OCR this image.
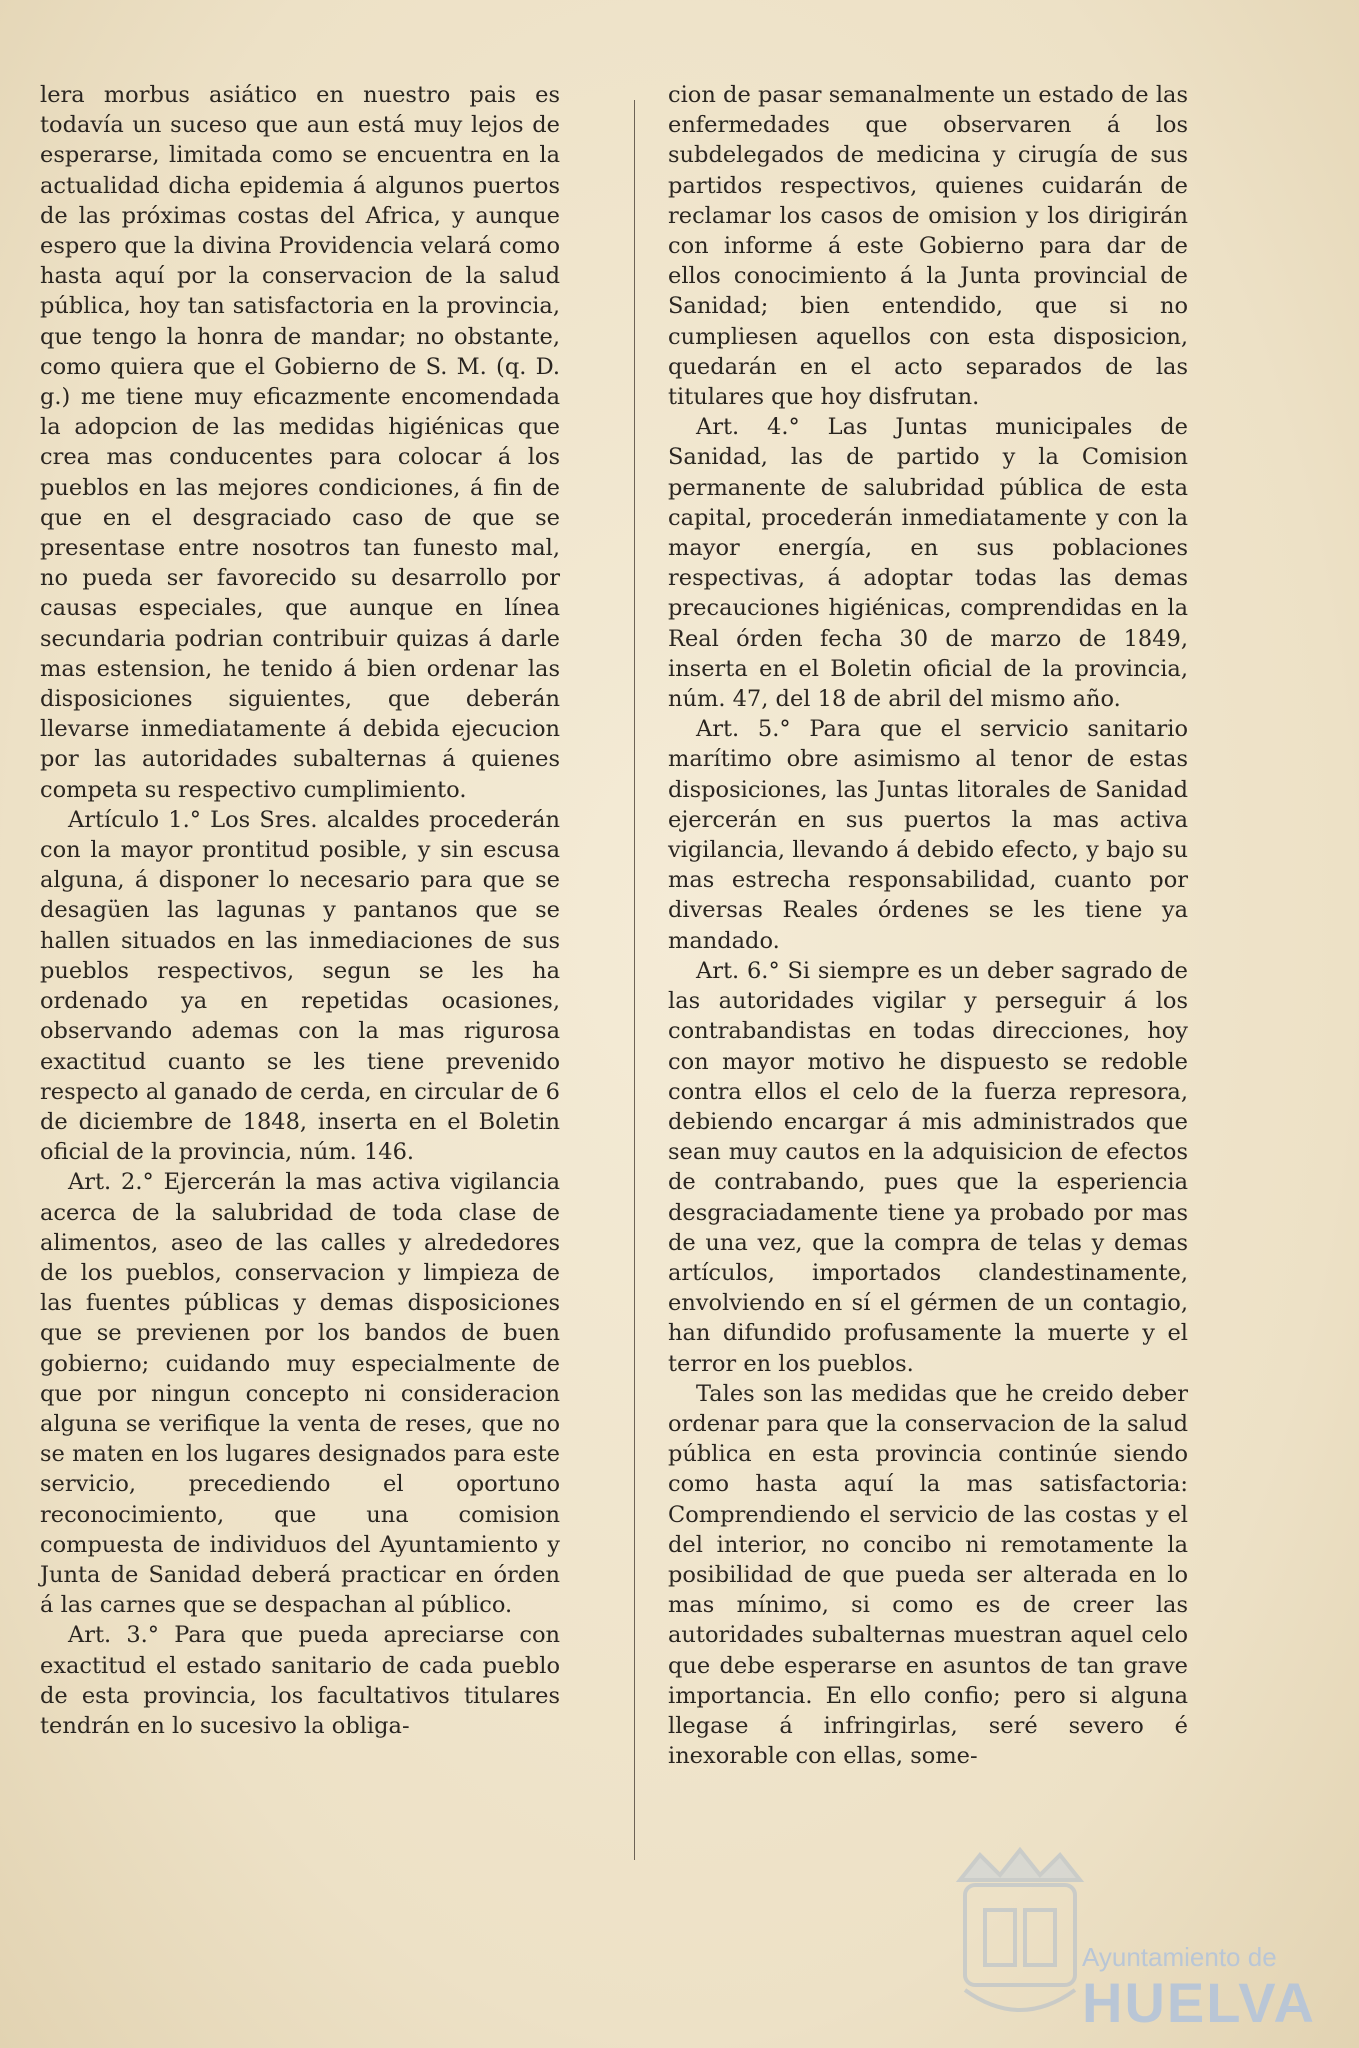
lera morbus asiático en nuestro pais es todavía un suceso que aun está muy lejos de esperarse, limitada como se encuentra en la actualidad dicha epidemia á algunos puertos de las próximas costas del Africa, y aunque espero que la divina Providencia velará como hasta aquí por la conservacion de la salud pública, hoy tan satisfactoria en la provincia, que tengo la honra de mandar; no obstante, como quiera que el Gobierno de S. M. (q. D. g.) me tiene muy eficazmente encomendada la adopcion de las medidas higiénicas que crea mas conducentes para colocar á los pueblos en las mejores condiciones, á fin de que en el desgraciado caso de que se presentase entre nosotros tan funesto mal, no pueda ser favorecido su desarrollo por causas especiales, que aunque en línea secundaria podrian contribuir quizas á darle mas estension, he tenido á bien ordenar las disposiciones siguientes, que deberán llevarse inmediatamente á debida ejecucion por las autoridades subalternas á quienes competa su respectivo cumplimiento.

Artículo 1.° Los Sres. alcaldes procederán con la mayor prontitud posible, y sin escusa alguna, á disponer lo necesario para que se desagüen las lagunas y pantanos que se hallen situados en las inmediaciones de sus pueblos respectivos, segun se les ha ordenado ya en repetidas ocasiones, observando ademas con la mas rigurosa exactitud cuanto se les tiene prevenido respecto al ganado de cerda, en circular de 6 de diciembre de 1848, inserta en el Boletin oficial de la provincia, núm. 146.

Art. 2.° Ejercerán la mas activa vigilancia acerca de la salubridad de toda clase de alimentos, aseo de las calles y alrededores de los pueblos, conservacion y limpieza de las fuentes públicas y demas disposiciones que se previenen por los bandos de buen gobierno; cuidando muy especialmente de que por ningun concepto ni consideracion alguna se verifique la venta de reses, que no se maten en los lugares designados para este servicio, precediendo el oportuno reconocimiento, que una comision compuesta de individuos del Ayuntamiento y Junta de Sanidad deberá practicar en órden á las carnes que se despachan al público.

Art. 3.° Para que pueda apreciarse con exactitud el estado sanitario de cada pueblo de esta provincia, los facultativos titulares tendrán en lo sucesivo la obliga-

cion de pasar semanalmente un estado de las enfermedades que observaren á los subdelegados de medicina y cirugía de sus partidos respectivos, quienes cuidarán de reclamar los casos de omision y los dirigirán con informe á este Gobierno para dar de ellos conocimiento á la Junta provincial de Sanidad; bien entendido, que si no cumpliesen aquellos con esta disposicion, quedarán en el acto separados de las titulares que hoy disfrutan.

Art. 4.° Las Juntas municipales de Sanidad, las de partido y la Comision permanente de salubridad pública de esta capital, procederán inmediatamente y con la mayor energía, en sus poblaciones respectivas, á adoptar todas las demas precauciones higiénicas, comprendidas en la Real órden fecha 30 de marzo de 1849, inserta en el Boletin oficial de la provincia, núm. 47, del 18 de abril del mismo año.

Art. 5.° Para que el servicio sanitario marítimo obre asimismo al tenor de estas disposiciones, las Juntas litorales de Sanidad ejercerán en sus puertos la mas activa vigilancia, llevando á debido efecto, y bajo su mas estrecha responsabilidad, cuanto por diversas Reales órdenes se les tiene ya mandado.

Art. 6.° Si siempre es un deber sagrado de las autoridades vigilar y perseguir á los contrabandistas en todas direcciones, hoy con mayor motivo he dispuesto se redoble contra ellos el celo de la fuerza represora, debiendo encargar á mis administrados que sean muy cautos en la adquisicion de efectos de contrabando, pues que la esperiencia desgraciadamente tiene ya probado por mas de una vez, que la compra de telas y demas artículos, importados clandestinamente, envolviendo en sí el gérmen de un contagio, han difundido profusamente la muerte y el terror en los pueblos.

Tales son las medidas que he creido deber ordenar para que la conservacion de la salud pública en esta provincia continúe siendo como hasta aquí la mas satisfactoria: Comprendiendo el servicio de las costas y el del interior, no concibo ni remotamente la posibilidad de que pueda ser alterada en lo mas mínimo, si como es de creer las autoridades subalternas muestran aquel celo que debe esperarse en asuntos de tan grave importancia. En ello confio; pero si alguna llegase á infringirlas, seré severo é inexorable con ellas, some-

Ayuntamiento de
HUELVA
